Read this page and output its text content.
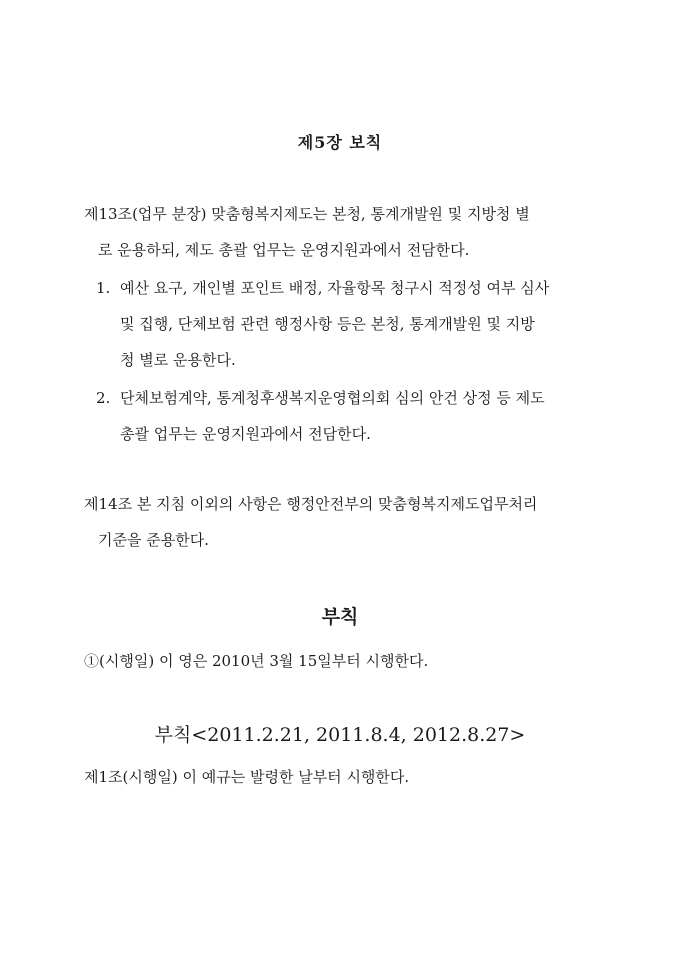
제5장 보칙
제13조(업무 분장) 맞춤형복지제도는 본청, 통계개발원 및 지방청 별
로 운용하되, 제도 총괄 업무는 운영지원과에서 전담한다.
1. 예산 요구, 개인별 포인트 배정, 자율항목 청구시 적정성 여부 심사
및 집행, 단체보험 관련 행정사항 등은 본청, 통계개발원 및 지방
청 별로 운용한다.
2. 단체보험계약, 통계청후생복지운영협의회 심의 안건 상정 등 제도
총괄 업무는 운영지원과에서 전담한다.
제14조 본 지침 이외의 사항은 행정안전부의 맞춤형복지제도업무처리
기준을 준용한다.
부칙
①(시행일) 이 영은 2010년 3월 15일부터 시행한다.
부칙<2011.2.21, 2011.8.4, 2012.8.27>
제1조(시행일) 이 예규는 발령한 날부터 시행한다.
